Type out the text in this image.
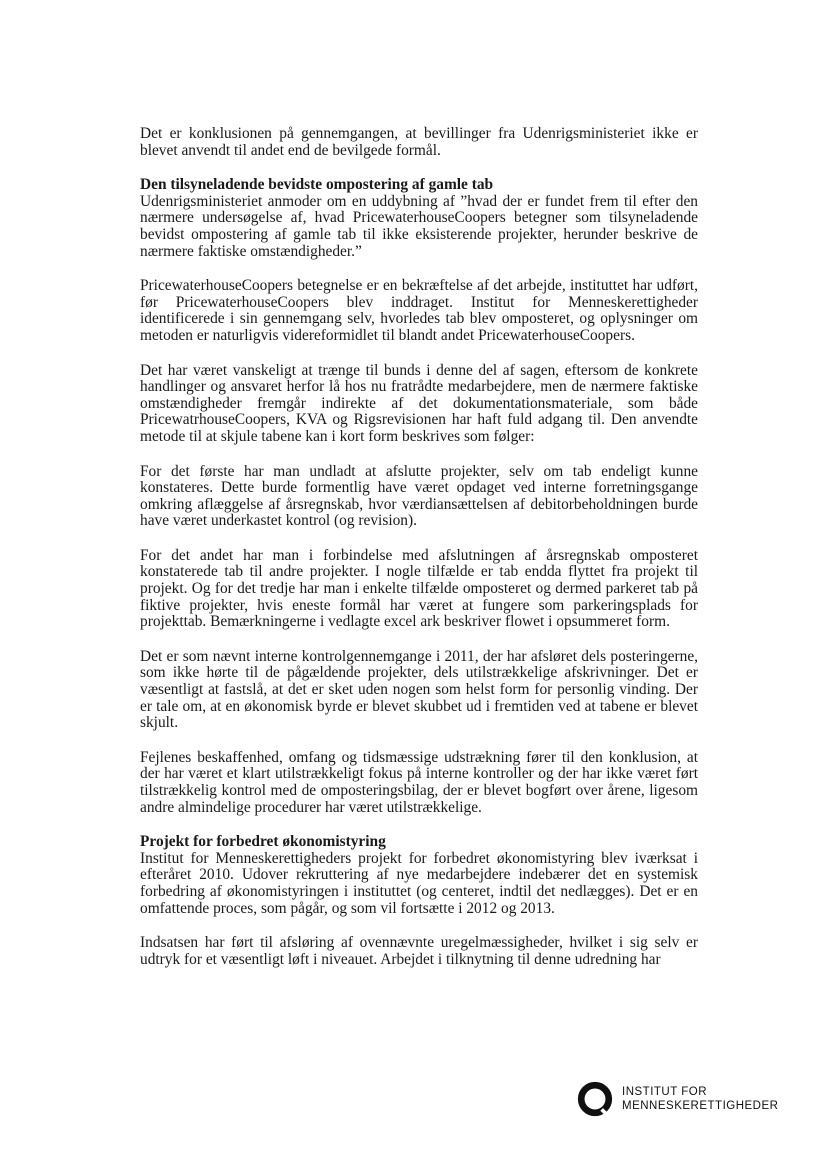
Det er konklusionen på gennemgangen, at bevillinger fra Udenrigsministeriet ikke er blevet anvendt til andet end de bevilgede formål.

Den tilsyneladende bevidste ompostering af gamle tab

Udenrigsministeriet anmoder om en uddybning af ”hvad der er fundet frem til efter den nærmere undersøgelse af, hvad PricewaterhouseCoopers betegner som tilsyneladende bevidst ompostering af gamle tab til ikke eksisterende projekter, herunder beskrive de nærmere faktiske omstændigheder.”

PricewaterhouseCoopers betegnelse er en bekræftelse af det arbejde, instituttet har udført, før PricewaterhouseCoopers blev inddraget. Institut for Menneskerettigheder identificerede i sin gennemgang selv, hvorledes tab blev omposteret, og oplysninger om metoden er naturligvis videreformidlet til blandt andet PricewaterhouseCoopers.

Det har været vanskeligt at trænge til bunds i denne del af sagen, eftersom de konkrete handlinger og ansvaret herfor lå hos nu fratrådte medarbejdere, men de nærmere faktiske omstændigheder fremgår indirekte af det dokumentationsmateriale, som både PricewatrhouseCoopers, KVA og Rigsrevisionen har haft fuld adgang til. Den anvendte metode til at skjule tabene kan i kort form beskrives som følger:

For det første har man undladt at afslutte projekter, selv om tab endeligt kunne konstateres. Dette burde formentlig have været opdaget ved interne forretningsgange omkring aflæggelse af årsregnskab, hvor værdiansættelsen af debitorbeholdningen burde have været underkastet kontrol (og revision).

For det andet har man i forbindelse med afslutningen af årsregnskab omposteret konstaterede tab til andre projekter. I nogle tilfælde er tab endda flyttet fra projekt til projekt. Og for det tredje har man i enkelte tilfælde omposteret og dermed parkeret tab på fiktive projekter, hvis eneste formål har været at fungere som parkeringsplads for projekttab. Bemærkningerne i vedlagte excel ark beskriver flowet i opsummeret form.

Det er som nævnt interne kontrolgennemgange i 2011, der har afsløret dels posteringerne, som ikke hørte til de pågældende projekter, dels utilstrækkelige afskrivninger. Det er væsentligt at fastslå, at det er sket uden nogen som helst form for personlig vinding. Der er tale om, at en økonomisk byrde er blevet skubbet ud i fremtiden ved at tabene er blevet skjult.

Fejlenes beskaffenhed, omfang og tidsmæssige udstrækning fører til den konklusion, at der har været et klart utilstrækkeligt fokus på interne kontroller og der har ikke været ført tilstrækkelig kontrol med de omposteringsbilag, der er blevet bogført over årene, ligesom andre almindelige procedurer har været utilstrækkelige.

Projekt for forbedret økonomistyring

Institut for Menneskerettigheders projekt for forbedret økonomistyring blev iværksat i efteråret 2010. Udover rekruttering af nye medarbejdere indebærer det en systemisk forbedring af økonomistyringen i instituttet (og centeret, indtil det nedlægges). Det er en omfattende proces, som pågår, og som vil fortsætte i 2012 og 2013.

Indsatsen har ført til afsløring af ovennævnte uregelmæssigheder, hvilket i sig selv er udtryk for et væsentligt løft i niveauet. Arbejdet i tilknytning til denne udredning har

INSTITUT FOR
MENNESKERETTIGHEDER
